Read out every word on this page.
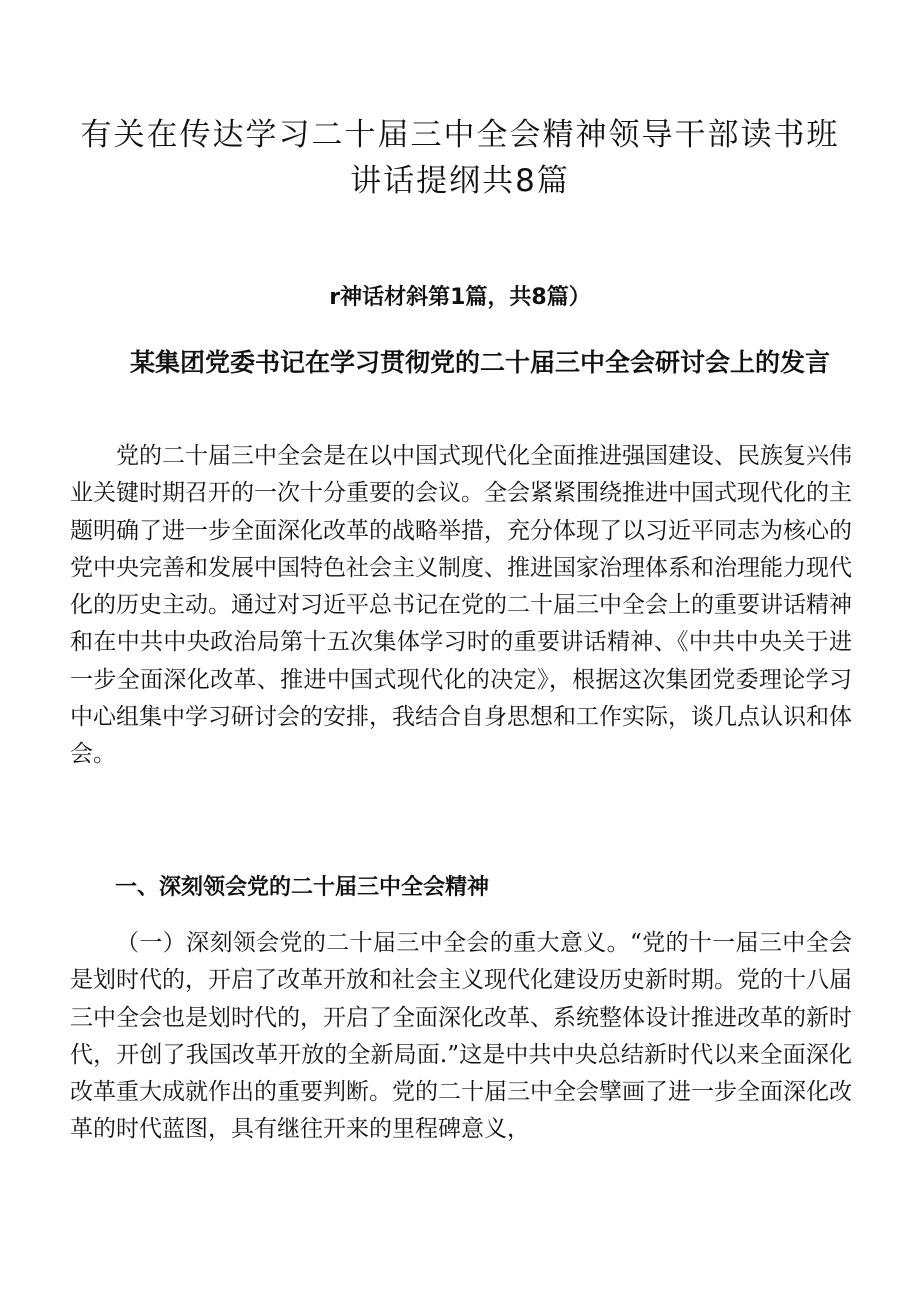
有关在传达学习二十届三中全会精神领导干部读书班讲话提纲共8篇

r神话材斜第1篇，共8篇）

某集团党委书记在学习贯彻党的二十届三中全会研讨会上的发言

党的二十届三中全会是在以中国式现代化全面推进强国建设、民族复兴伟业关键时期召开的一次十分重要的会议。全会紧紧围绕推进中国式现代化的主题明确了进一步全面深化改革的战略举措，充分体现了以习近平同志为核心的党中央完善和发展中国特色社会主义制度、推进国家治理体系和治理能力现代化的历史主动。通过对习近平总书记在党的二十届三中全会上的重要讲话精神和在中共中央政治局第十五次集体学习时的重要讲话精神、《中共中央关于进一步全面深化改革、推进中国式现代化的决定》，根据这次集团党委理论学习中心组集中学习研讨会的安排，我结合自身思想和工作实际，谈几点认识和体会。

一、深刻领会党的二十届三中全会精神

（一）深刻领会党的二十届三中全会的重大意义。“党的十一届三中全会是划时代的，开启了改革开放和社会主义现代化建设历史新时期。党的十八届三中全会也是划时代的，开启了全面深化改革、系统整体设计推进改革的新时代，开创了我国改革开放的全新局面.”这是中共中央总结新时代以来全面深化改革重大成就作出的重要判断。党的二十届三中全会擘画了进一步全面深化改革的时代蓝图，具有继往开来的里程碑意义，
